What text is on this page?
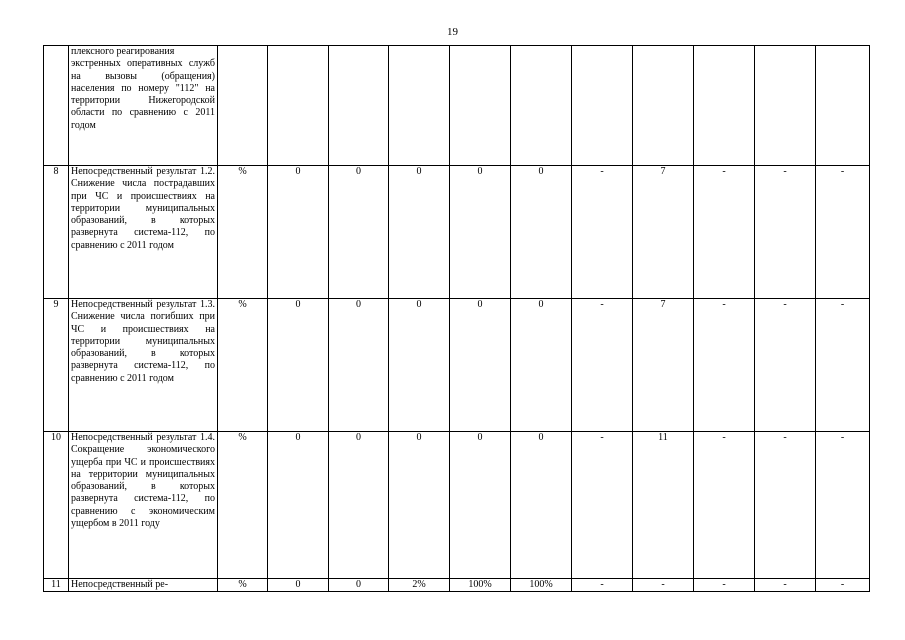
19

	плексного реагирования
экстренных оперативных служб на вызовы (обращения) населения по номеру "112" на территории Нижегородской области по сравнению с 2011 годом											
8	Непосредственный результат 1.2. Снижение числа пострадавших при ЧС и происшествиях на территории муниципальных образований, в которых развернута система-112, по сравнению с 2011 годом	%	0	0	0	0	0	-	7	-	-	-
9	Непосредственный результат 1.3. Снижение числа погибших при ЧС и происшествиях на территории муниципальных образований, в которых развернута система-112, по сравнению с 2011 годом	%	0	0	0	0	0	-	7	-	-	-
10	Непосредственный результат 1.4. Сокращение экономического ущерба при ЧС и происшествиях на территории муниципальных образований, в которых развернута система-112, по сравнению с экономическим ущербом в 2011 году	%	0	0	0	0	0	-	11	-	-	-
11	Непосредственный ре-	%	0	0	2%	100%	100%	-	-	-	-	-
